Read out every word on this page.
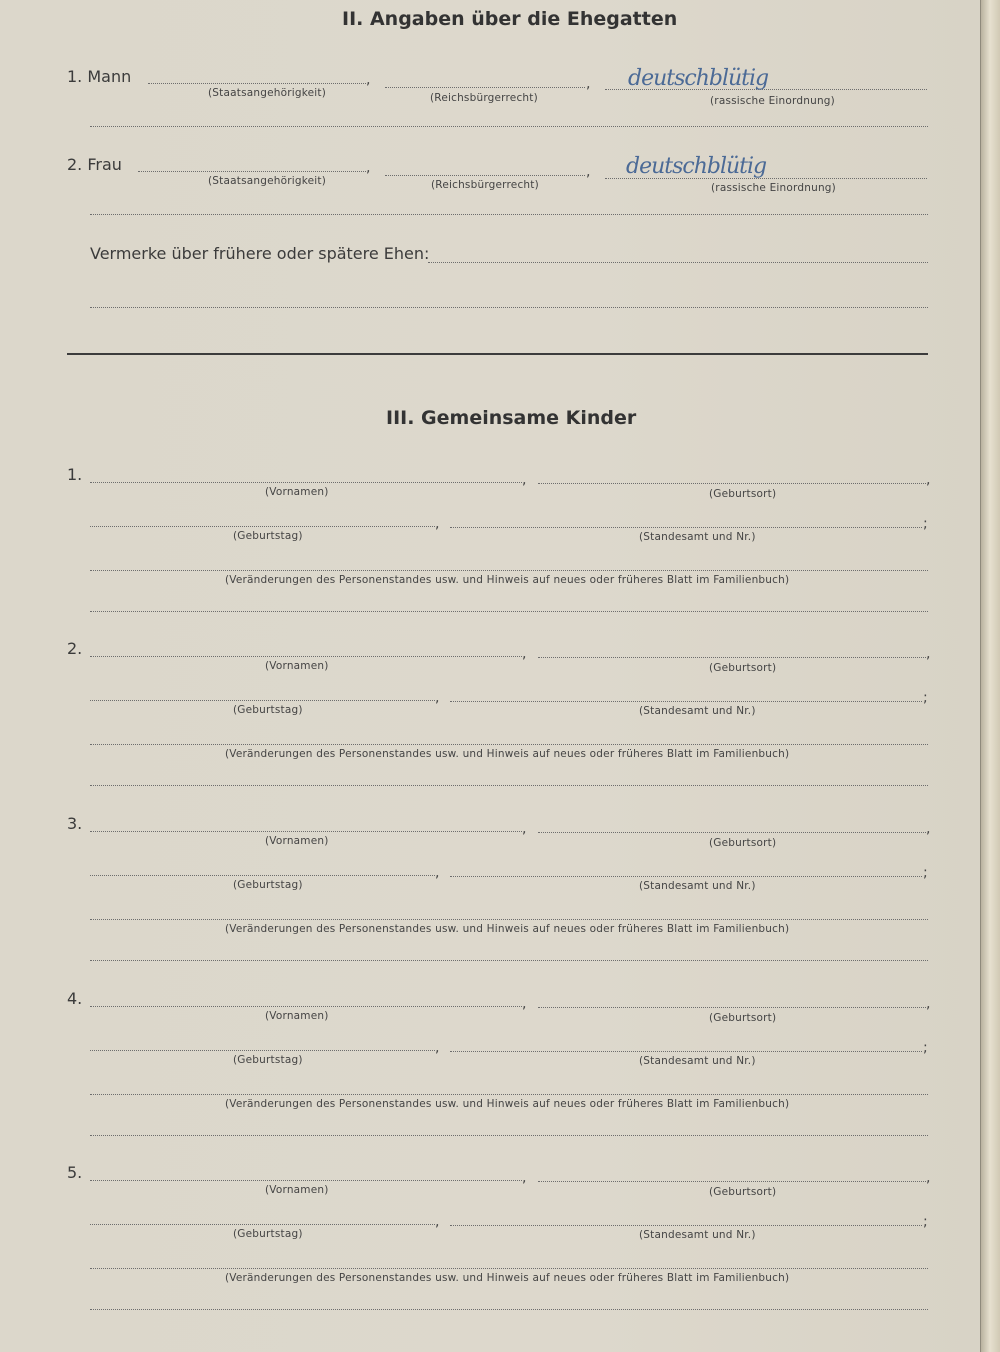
II. Angaben über die Ehegatten
1. Mann	,	, deutschblütig
(Staatsangehörigkeit)	(Reichsbürgerrecht)	(rassische Einordnung)
2. Frau	,	, deutschblütig
(Staatsangehörigkeit)	(Reichsbürgerrecht)	(rassische Einordnung)
Vermerke über frühere oder spätere Ehen:
III. Gemeinsame Kinder
1.	,	,
(Vornamen)	(Geburtsort)
,	;
(Geburtstag)	(Standesamt und Nr.)
(Veränderungen des Personenstandes usw. und Hinweis auf neues oder früheres Blatt im Familienbuch)
2.	,	,
(Vornamen)	(Geburtsort)
,	;
(Geburtstag)	(Standesamt und Nr.)
(Veränderungen des Personenstandes usw. und Hinweis auf neues oder früheres Blatt im Familienbuch)
3.	,	,
(Vornamen)	(Geburtsort)
,	;
(Geburtstag)	(Standesamt und Nr.)
(Veränderungen des Personenstandes usw. und Hinweis auf neues oder früheres Blatt im Familienbuch)
4.	,	,
(Vornamen)	(Geburtsort)
,	;
(Geburtstag)	(Standesamt und Nr.)
(Veränderungen des Personenstandes usw. und Hinweis auf neues oder früheres Blatt im Familienbuch)
5.	,	,
(Vornamen)	(Geburtsort)
,	;
(Geburtstag)	(Standesamt und Nr.)
(Veränderungen des Personenstandes usw. und Hinweis auf neues oder früheres Blatt im Familienbuch)
